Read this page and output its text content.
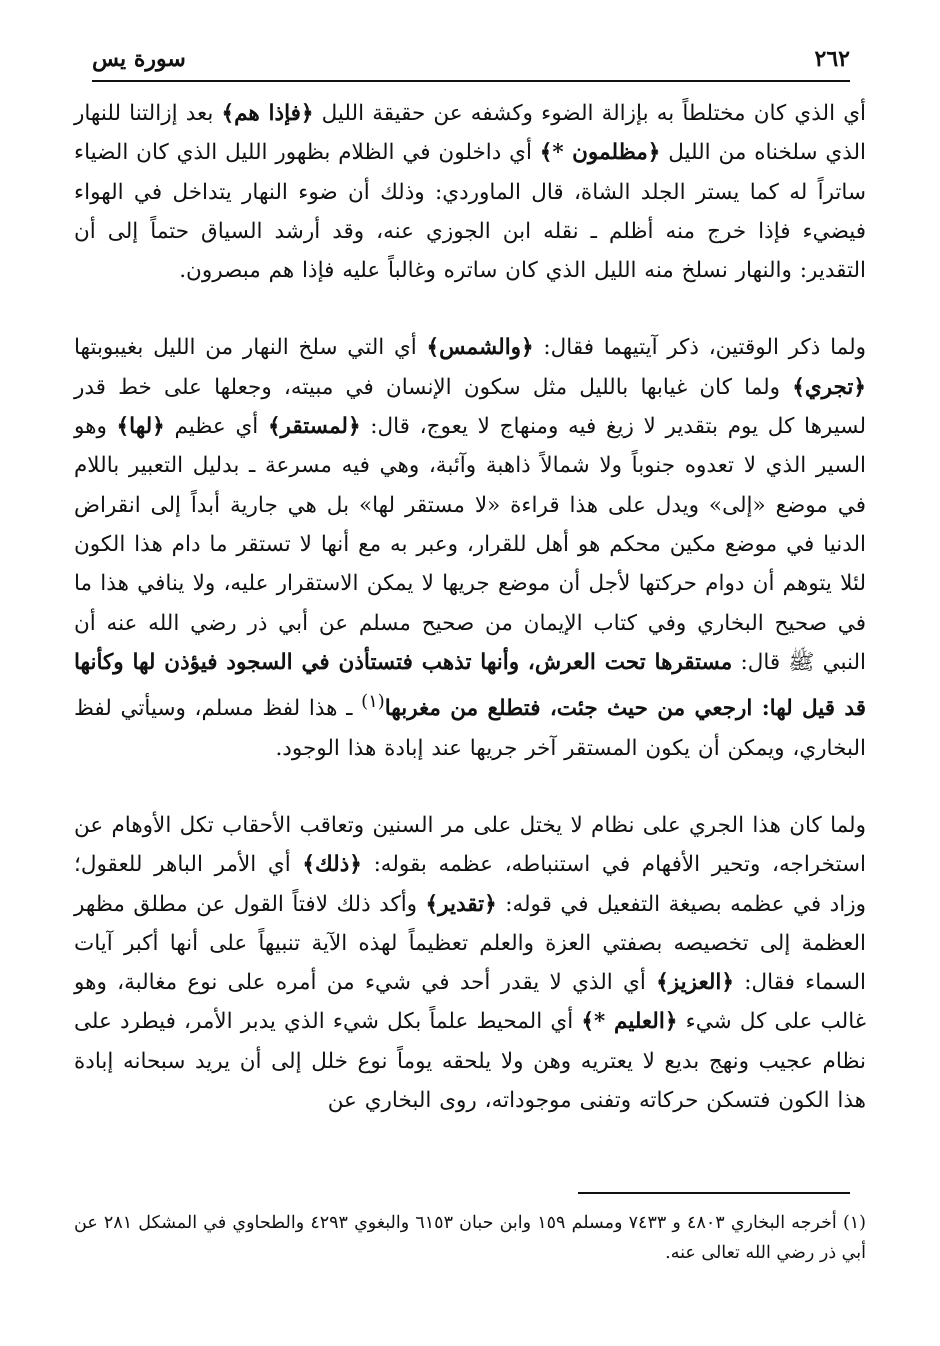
٢٦٢
سورة يس

أي الذي كان مختلطاً به بإزالة الضوء وكشفه عن حقيقة الليل ﴿فإذا هم﴾ بعد إزالتنا للنهار الذي سلخناه من الليل ﴿مظلمون *﴾ أي داخلون في الظلام بظهور الليل الذي كان الضياء ساتراً له كما يستر الجلد الشاة، قال الماوردي: وذلك أن ضوء النهار يتداخل في الهواء فيضيء فإذا خرج منه أظلم ـ نقله ابن الجوزي عنه، وقد أرشد السياق حتماً إلى أن التقدير: والنهار نسلخ منه الليل الذي كان ساتره وغالباً عليه فإذا هم مبصرون.

ولما ذكر الوقتين، ذكر آيتيهما فقال: ﴿والشمس﴾ أي التي سلخ النهار من الليل بغيبوبتها ﴿تجري﴾ ولما كان غيابها بالليل مثل سكون الإنسان في مبيته، وجعلها على خط قدر لسيرها كل يوم بتقدير لا زيغ فيه ومنهاج لا يعوج، قال: ﴿لمستقر﴾ أي عظيم ﴿لها﴾ وهو السير الذي لا تعدوه جنوباً ولا شمالاً ذاهبة وآئبة، وهي فيه مسرعة ـ بدليل التعبير باللام في موضع «إلى» ويدل على هذا قراءة «لا مستقر لها» بل هي جارية أبداً إلى انقراض الدنيا في موضع مكين محكم هو أهل للقرار، وعبر به مع أنها لا تستقر ما دام هذا الكون لئلا يتوهم أن دوام حركتها لأجل أن موضع جريها لا يمكن الاستقرار عليه، ولا ينافي هذا ما في صحيح البخاري وفي كتاب الإيمان من صحيح مسلم عن أبي ذر رضي الله عنه أن النبي ﷺ قال: مستقرها تحت العرش، وأنها تذهب فتستأذن في السجود فيؤذن لها وكأنها قد قيل لها: ارجعي من حيث جئت، فتطلع من مغربها$^{(١)}$ ـ هذا لفظ مسلم، وسيأتي لفظ البخاري، ويمكن أن يكون المستقر آخر جريها عند إبادة هذا الوجود.

ولما كان هذا الجري على نظام لا يختل على مر السنين وتعاقب الأحقاب تكل الأوهام عن استخراجه، وتحير الأفهام في استنباطه، عظمه بقوله: ﴿ذلك﴾ أي الأمر الباهر للعقول؛ وزاد في عظمه بصيغة التفعيل في قوله: ﴿تقدير﴾ وأكد ذلك لافتاً القول عن مطلق مظهر العظمة إلى تخصيصه بصفتي العزة والعلم تعظيماً لهذه الآية تنبيهاً على أنها أكبر آيات السماء فقال: ﴿العزيز﴾ أي الذي لا يقدر أحد في شيء من أمره على نوع مغالبة، وهو غالب على كل شيء ﴿العليم *﴾ أي المحيط علماً بكل شيء الذي يدبر الأمر، فيطرد على نظام عجيب ونهج بديع لا يعتريه وهن ولا يلحقه يوماً نوع خلل إلى أن يريد سبحانه إبادة هذا الكون فتسكن حركاته وتفنى موجوداته، روى البخاري عن

(١) أخرجه البخاري ٤٨٠٣ و ٧٤٣٣ ومسلم ١٥٩ وابن حبان ٦١٥٣ والبغوي ٤٢٩٣ والطحاوي في المشكل ٢٨١ عن أبي ذر رضي الله تعالى عنه.
